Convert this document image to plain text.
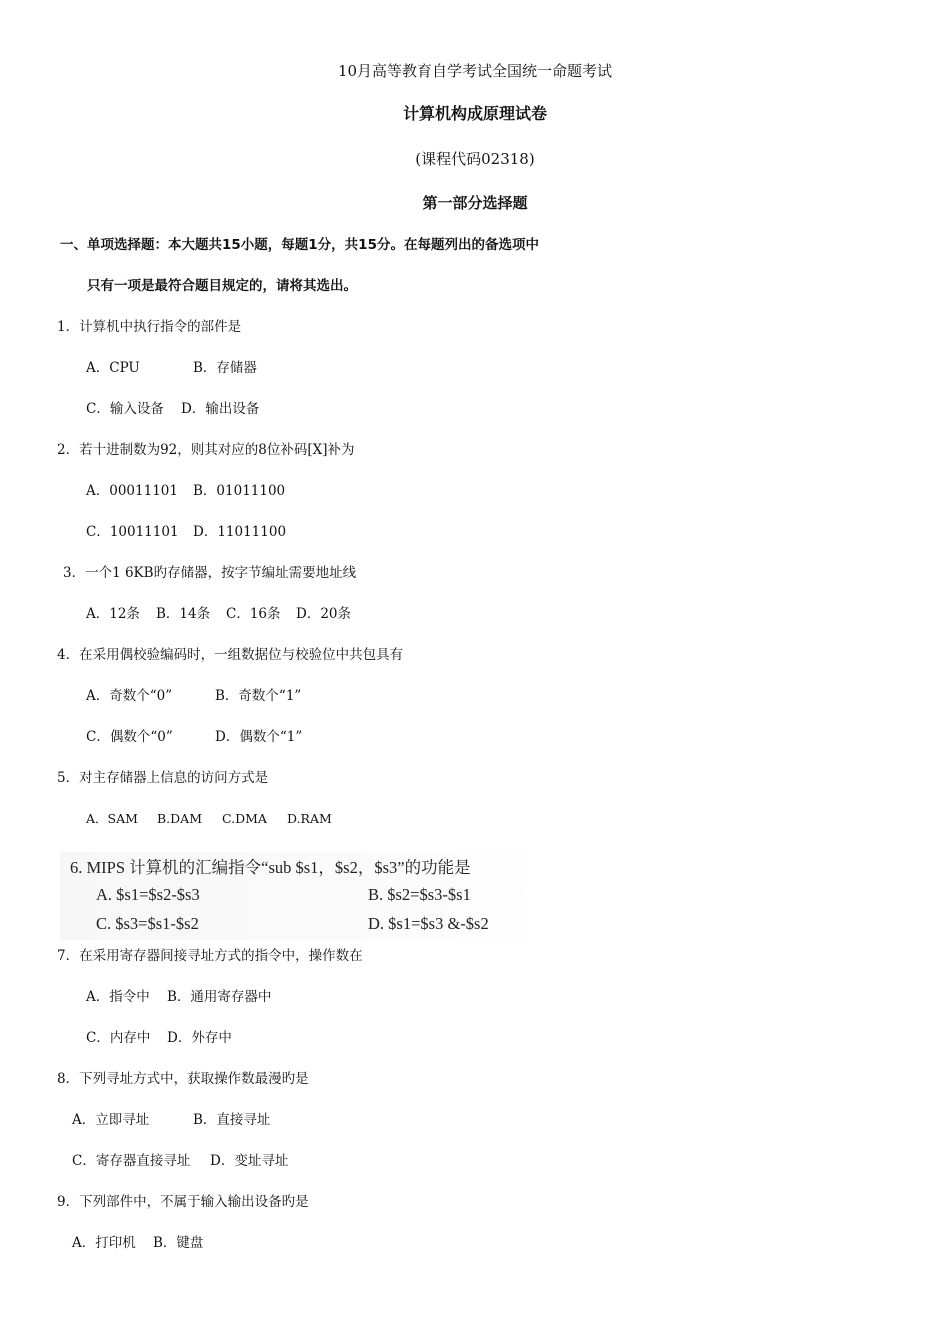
10月高等教育自学考试全国统一命题考试
计算机构成原理试卷
(课程代码02318)
第一部分选择题
一、单项选择题：本大题共15小题，每题1分，共15分。在每题列出的备选项中
只有一项是最符合题目规定的，请将其选出。
1．计算机中执行指令的部件是
A．CPU	B．存储器
C．输入设备 D．输出设备
2．若十进制数为92，则其对应的8位补码[X]补为
A．00011101 B．01011100
C．10011101 D．11011100
3．一个1 6KB旳存储器，按字节编址需要地址线
A．12条 B．14条 C．16条 D．20条
4．在采用偶校验编码时，一组数据位与校验位中共包具有
A．奇数个“0”	B．奇数个“1”
C．偶数个“0”	D．偶数个“1”
5．对主存储器上信息的访问方式是
A．SAM B.DAM C.DMA D.RAM
6. MIPS 计算机的汇编指令“sub $s1，$s2，$s3”的功能是
A. $s1=$s2-$s3	B. $s2=$s3-$s1
C. $s3=$s1-$s2	D. $s1=$s3 &-$s2
7．在采用寄存器间接寻址方式的指令中，操作数在
A．指令中 B．通用寄存器中
C．内存中 D．外存中
8．下列寻址方式中，获取操作数最漫旳是
A．立即寻址	B．直接寻址
C．寄存器直接寻址 D．变址寻址
9．下列部件中，不属于输入输出设备旳是
A．打印机 B．键盘
